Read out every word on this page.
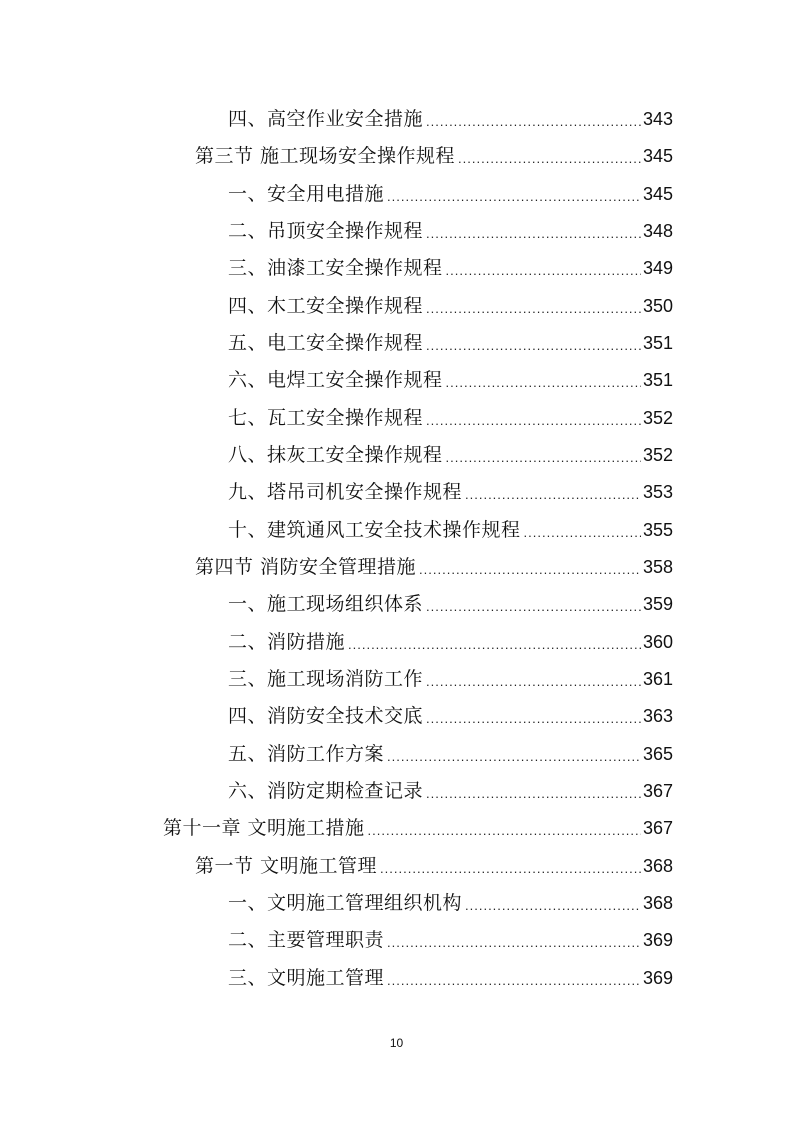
四、高空作业安全措施 .....	343
第三节 施工现场安全操作规程 .....	345
一、安全用电措施 .....	345
二、吊顶安全操作规程 .....	348
三、油漆工安全操作规程 .....	349
四、木工安全操作规程 .....	350
五、电工安全操作规程 .....	351
六、电焊工安全操作规程 .....	351
七、瓦工安全操作规程 .....	352
八、抹灰工安全操作规程 .....	352
九、塔吊司机安全操作规程 .....	353
十、建筑通风工安全技术操作规程 .....	355
第四节 消防安全管理措施 .....	358
一、施工现场组织体系 .....	359
二、消防措施 .....	360
三、施工现场消防工作 .....	361
四、消防安全技术交底 .....	363
五、消防工作方案 .....	365
六、消防定期检查记录 .....	367
第十一章 文明施工措施 .....	367
第一节 文明施工管理 .....	368
一、文明施工管理组织机构 .....	368
二、主要管理职责 .....	369
三、文明施工管理 .....	369
10
